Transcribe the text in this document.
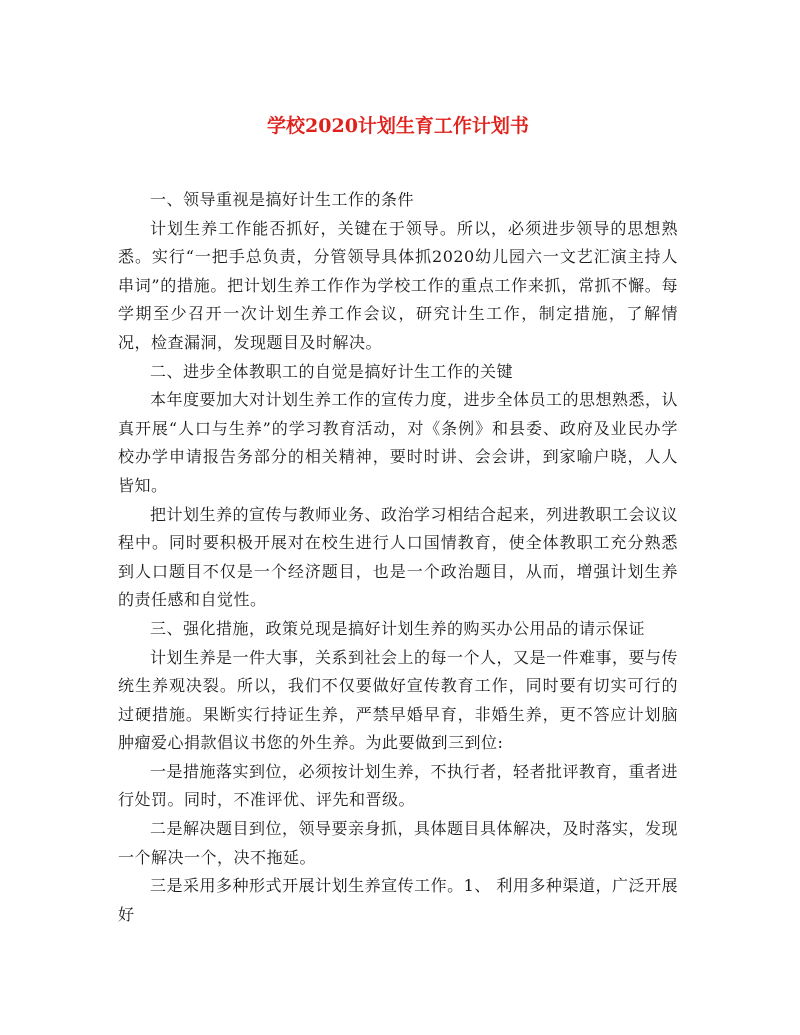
学校2020计划生育工作计划书

一、领导重视是搞好计生工作的条件

计划生养工作能否抓好，关键在于领导。所以，必须进步领导的思想熟悉。实行“一把手总负责，分管领导具体抓2020幼儿园六一文艺汇演主持人串词”的措施。把计划生养工作作为学校工作的重点工作来抓，常抓不懈。每学期至少召开一次计划生养工作会议，研究计生工作，制定措施，了解情况，检查漏洞，发现题目及时解决。

二、进步全体教职工的自觉是搞好计生工作的关键

本年度要加大对计划生养工作的宣传力度，进步全体员工的思想熟悉，认真开展“人口与生养”的学习教育活动，对《条例》和县委、政府及业民办学校办学申请报告务部分的相关精神，要时时讲、会会讲，到家喻户晓，人人皆知。

把计划生养的宣传与教师业务、政治学习相结合起来，列进教职工会议议程中。同时要积极开展对在校生进行人口国情教育，使全体教职工充分熟悉到人口题目不仅是一个经济题目，也是一个政治题目，从而，增强计划生养的责任感和自觉性。

三、强化措施，政策兑现是搞好计划生养的购买办公用品的请示保证

计划生养是一件大事，关系到社会上的每一个人，又是一件难事，要与传统生养观决裂。所以，我们不仅要做好宣传教育工作，同时要有切实可行的过硬措施。果断实行持证生养，严禁早婚早育，非婚生养，更不答应计划脑肿瘤爱心捐款倡议书您的外生养。为此要做到三到位:

一是措施落实到位，必须按计划生养，不执行者，轻者批评教育，重者进行处罚。同时，不准评优、评先和晋级。

二是解决题目到位，领导要亲身抓，具体题目具体解决，及时落实，发现一个解决一个，决不拖延。

三是采用多种形式开展计划生养宣传工作。1、 利用多种渠道，广泛开展好
